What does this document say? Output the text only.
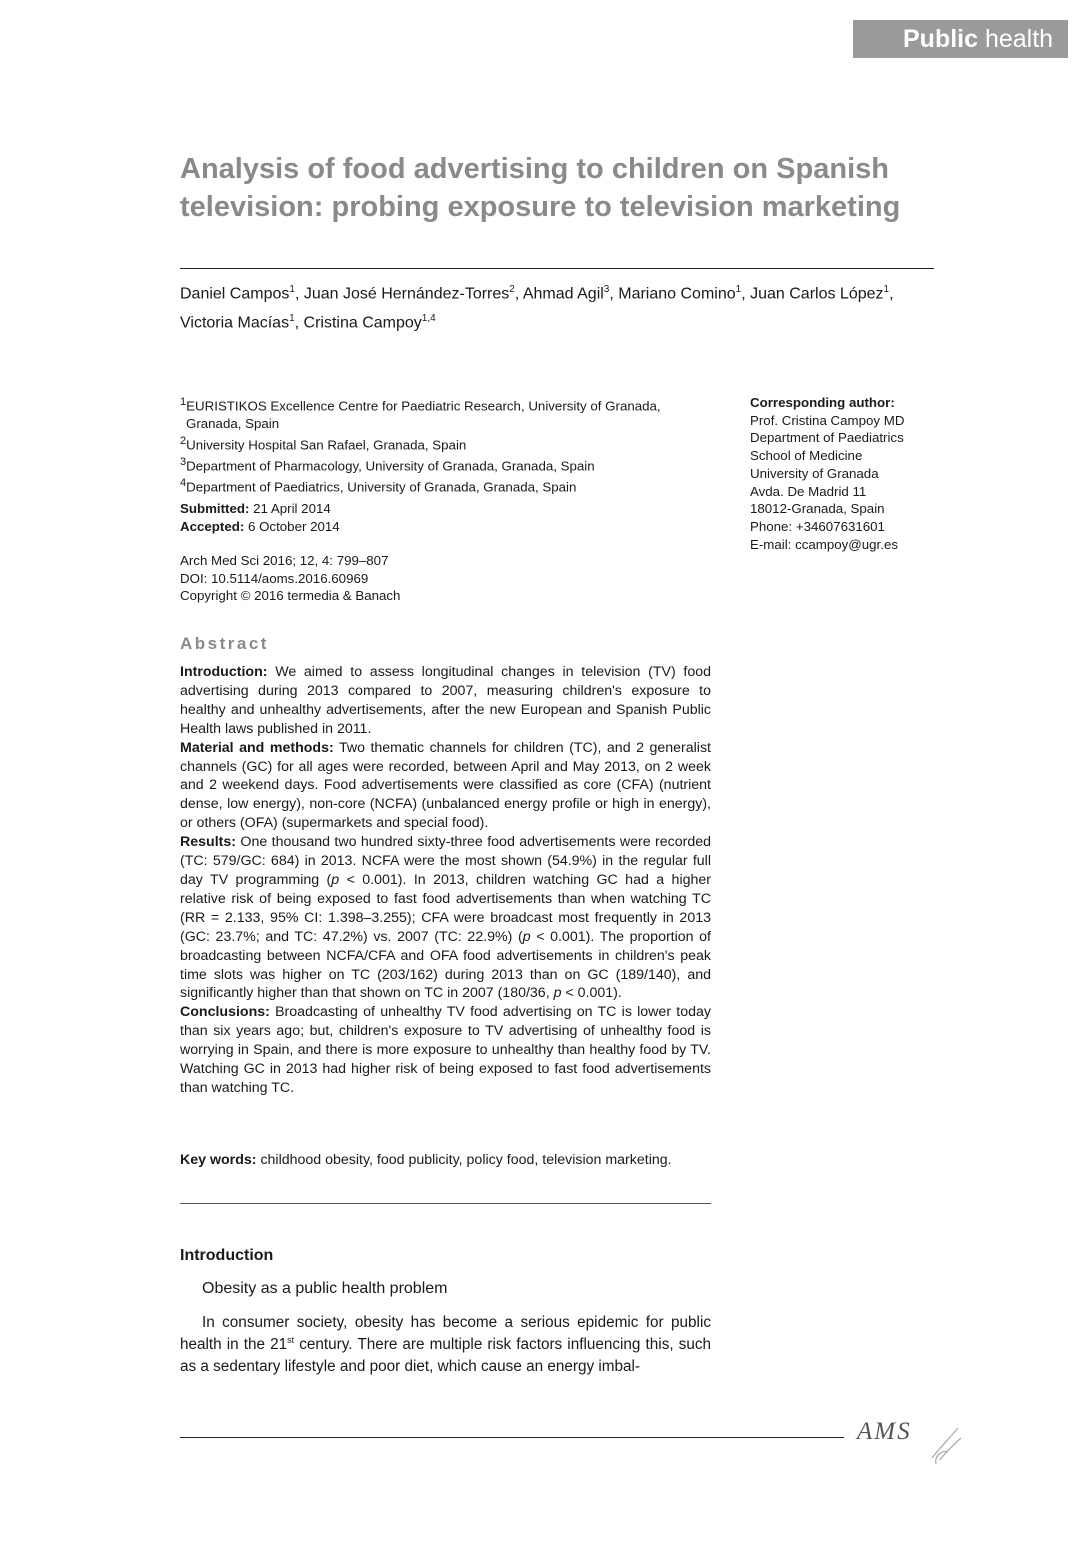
Public health
Analysis of food advertising to children on Spanish television: probing exposure to television marketing
Daniel Campos$^1$, Juan José Hernández-Torres$^2$, Ahmad Agil$^3$, Mariano Comino$^1$, Juan Carlos López$^1$,
Victoria Macías$^1$, Cristina Campoy$^{1,4}$
$^1$EURISTIKOS Excellence Centre for Paediatric Research, University of Granada,
Granada, Spain
$^2$University Hospital San Rafael, Granada, Spain
$^3$Department of Pharmacology, University of Granada, Granada, Spain
$^4$Department of Paediatrics, University of Granada, Granada, Spain
Submitted: 21 April 2014
Accepted: 6 October 2014
Arch Med Sci 2016; 12, 4: 799–807
DOI: 10.5114/aoms.2016.60969
Copyright © 2016 termedia & Banach
Corresponding author:
Prof. Cristina Campoy MD
Department of Paediatrics
School of Medicine
University of Granada
Avda. De Madrid 11
18012-Granada, Spain
Phone: +34607631601
E-mail: ccampoy@ugr.es
Abstract

Introduction: We aimed to assess longitudinal changes in television (TV) food advertising during 2013 compared to 2007, measuring children's exposure to healthy and unhealthy advertisements, after the new European and Spanish Public Health laws published in 2011.

Material and methods: Two thematic channels for children (TC), and 2 generalist channels (GC) for all ages were recorded, between April and May 2013, on 2 week and 2 weekend days. Food advertisements were classified as core (CFA) (nutrient dense, low energy), non-core (NCFA) (unbalanced energy profile or high in energy), or others (OFA) (supermarkets and special food).

Results: One thousand two hundred sixty-three food advertisements were recorded (TC: 579/GC: 684) in 2013. NCFA were the most shown (54.9%) in the regular full day TV programming (p < 0.001). In 2013, children watching GC had a higher relative risk of being exposed to fast food advertisements than when watching TC (RR = 2.133, 95% CI: 1.398–3.255); CFA were broadcast most frequently in 2013 (GC: 23.7%; and TC: 47.2%) vs. 2007 (TC: 22.9%) (p < 0.001). The proportion of broadcasting between NCFA/CFA and OFA food advertisements in children's peak time slots was higher on TC (203/162) during 2013 than on GC (189/140), and significantly higher than that shown on TC in 2007 (180/36, p < 0.001).

Conclusions: Broadcasting of unhealthy TV food advertising on TC is lower today than six years ago; but, children's exposure to TV advertising of unhealthy food is worrying in Spain, and there is more exposure to unhealthy than healthy food by TV. Watching GC in 2013 had higher risk of being exposed to fast food advertisements than watching TC.

Key words: childhood obesity, food publicity, policy food, television marketing.
Introduction
Obesity as a public health problem

In consumer society, obesity has become a serious epidemic for public health in the 21st century. There are multiple risk factors influencing this, such as a sedentary lifestyle and poor diet, which cause an energy imbal-

AMS
